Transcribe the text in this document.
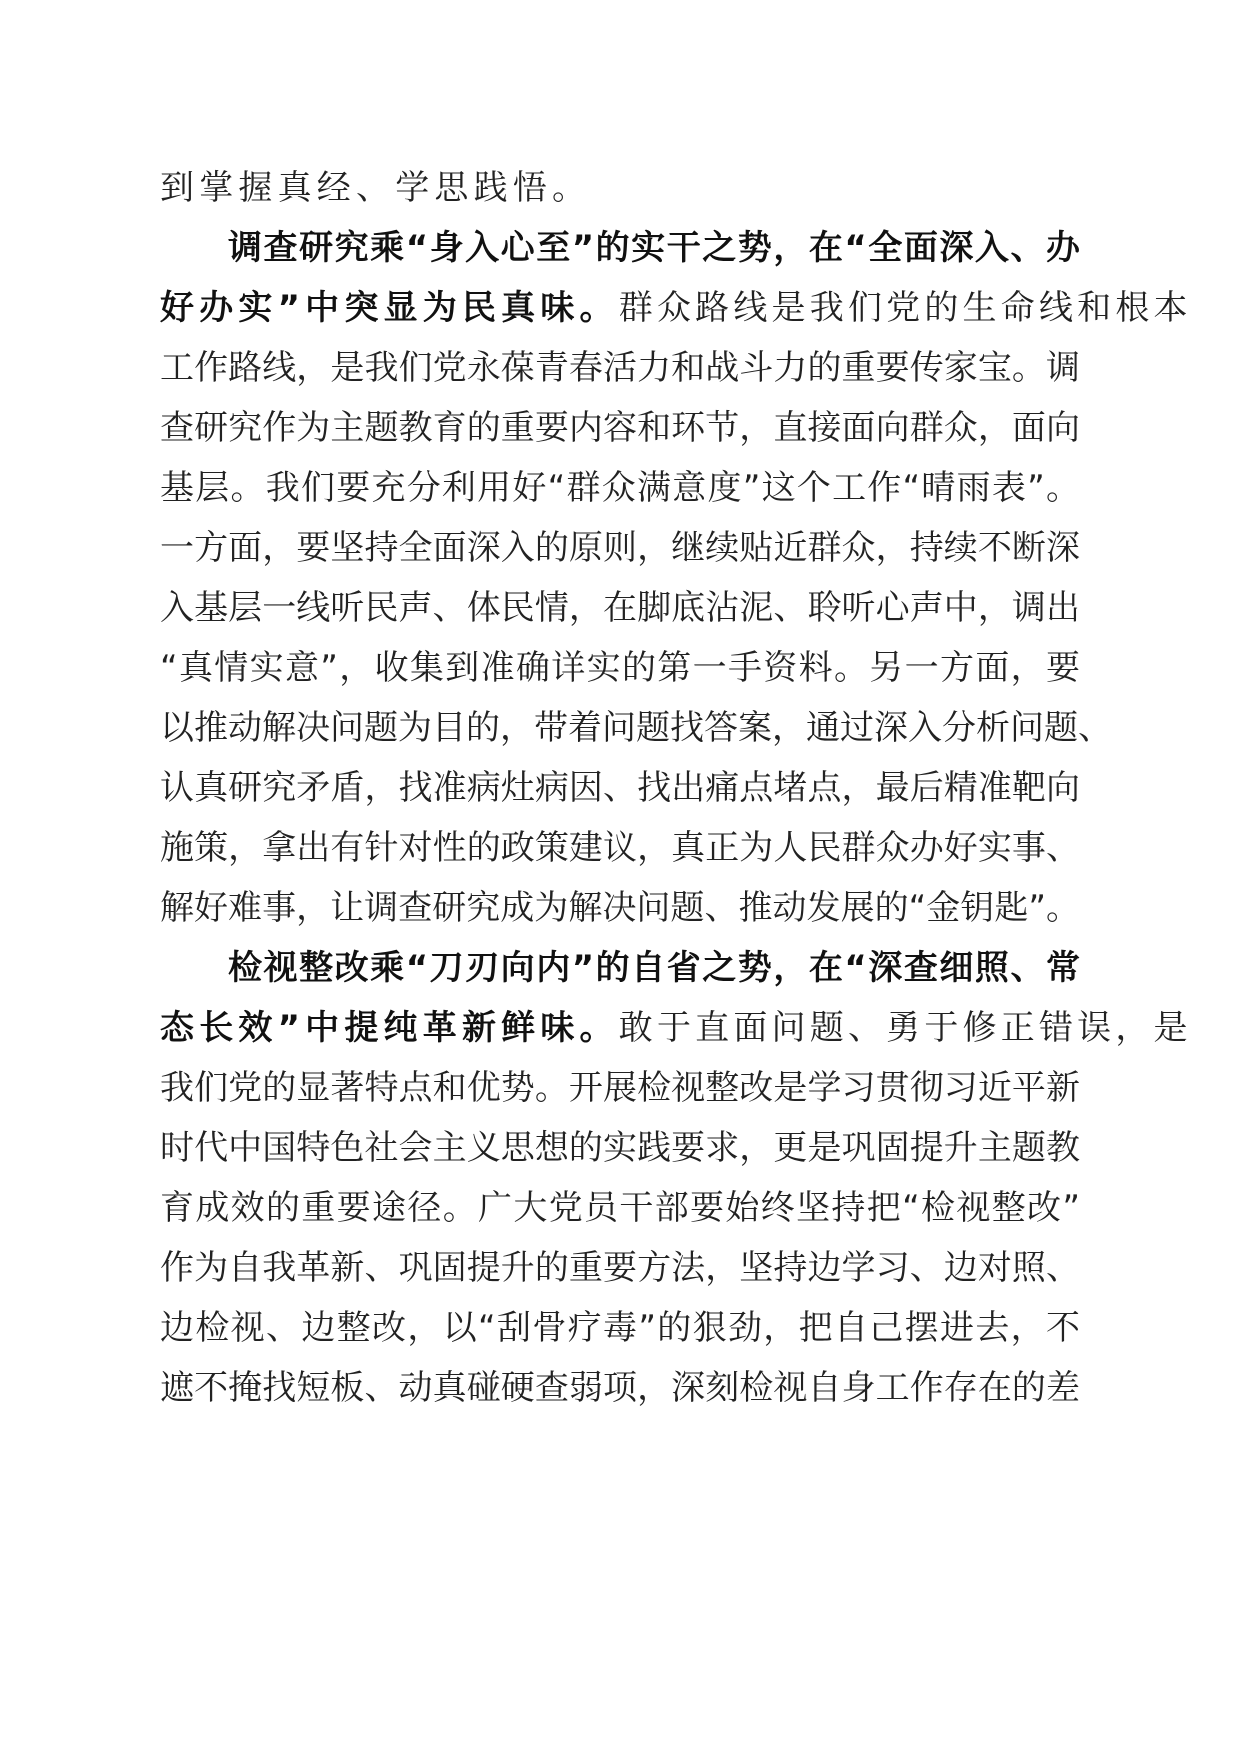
到掌握真经、学思践悟。
调查研究乘“身入心至”的实干之势，在“全面深入、办
好办实”中突显为民真味。群众路线是我们党的生命线和根本
工作路线，是我们党永葆青春活力和战斗力的重要传家宝。调
查研究作为主题教育的重要内容和环节，直接面向群众，面向
基层。我们要充分利用好“群众满意度”这个工作“晴雨表”。
一方面，要坚持全面深入的原则，继续贴近群众，持续不断深
入基层一线听民声、体民情，在脚底沾泥、聆听心声中，调出
“真情实意”，收集到准确详实的第一手资料。另一方面，要
以推动解决问题为目的，带着问题找答案，通过深入分析问题、
认真研究矛盾，找准病灶病因、找出痛点堵点，最后精准靶向
施策，拿出有针对性的政策建议，真正为人民群众办好实事、
解好难事，让调查研究成为解决问题、推动发展的“金钥匙”。
检视整改乘“刀刃向内”的自省之势，在“深查细照、常
态长效”中提纯革新鲜味。敢于直面问题、勇于修正错误，是
我们党的显著特点和优势。开展检视整改是学习贯彻习近平新
时代中国特色社会主义思想的实践要求，更是巩固提升主题教
育成效的重要途径。广大党员干部要始终坚持把“检视整改”
作为自我革新、巩固提升的重要方法，坚持边学习、边对照、
边检视、边整改，以“刮骨疗毒”的狠劲，把自己摆进去，不
遮不掩找短板、动真碰硬查弱项，深刻检视自身工作存在的差
